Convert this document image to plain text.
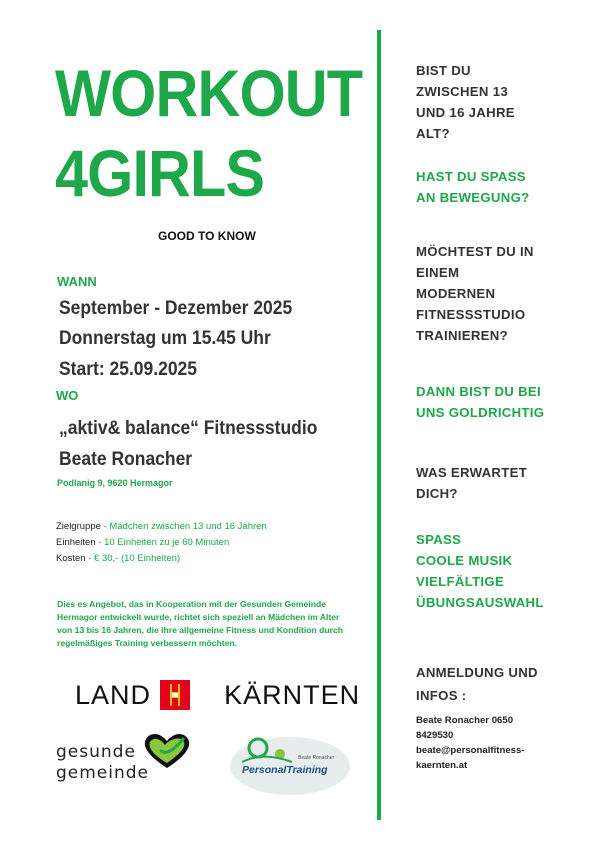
WORKOUT
4GIRLS
GOOD TO KNOW
WANN
September - Dezember 2025
Donnerstag um 15.45 Uhr
Start: 25.09.2025
WO
„aktiv& balance“ Fitnessstudio
Beate Ronacher
Podlanig 9, 9620 Hermagor
Zielgruppe · Mädchen zwischen 13 und 16 Jahren
Einheiten · 10 Einheiten zu je 60 Minuten
Kosten · € 30,- (10 Einheiten)
Dies es Angebot, das in Kooperation mit der Gesunden Gemeinde Hermagor entwickelt wurde, richtet sich speziell an Mädchen im Alter von 13 bis 16 Jahren, die ihre allgemeine Fitness und Kondition durch regelmäßiges Training verbessern möchten.
BIST DU
ZWISCHEN 13
UND 16 JAHRE
ALT?
HAST DU SPASS
AN BEWEGUNG?
MÖCHTEST DU IN
EINEM
MODERNEN
FITNESSSTUDIO
TRAINIEREN?
DANN BIST DU BEI
UNS GOLDRICHTIG
WAS ERWARTET
DICH?
SPASS
COOLE MUSIK
VIELFÄLTIGE
ÜBUNGSAUSWAHL
ANMELDUNG UND
INFOS :
Beate Ronacher 0650
8429530
beate@personalfitness-
kaernten.at
LAND	KÄRNTEN
gesunde
gemeinde	PersonalTraining
Beate Ronacher
